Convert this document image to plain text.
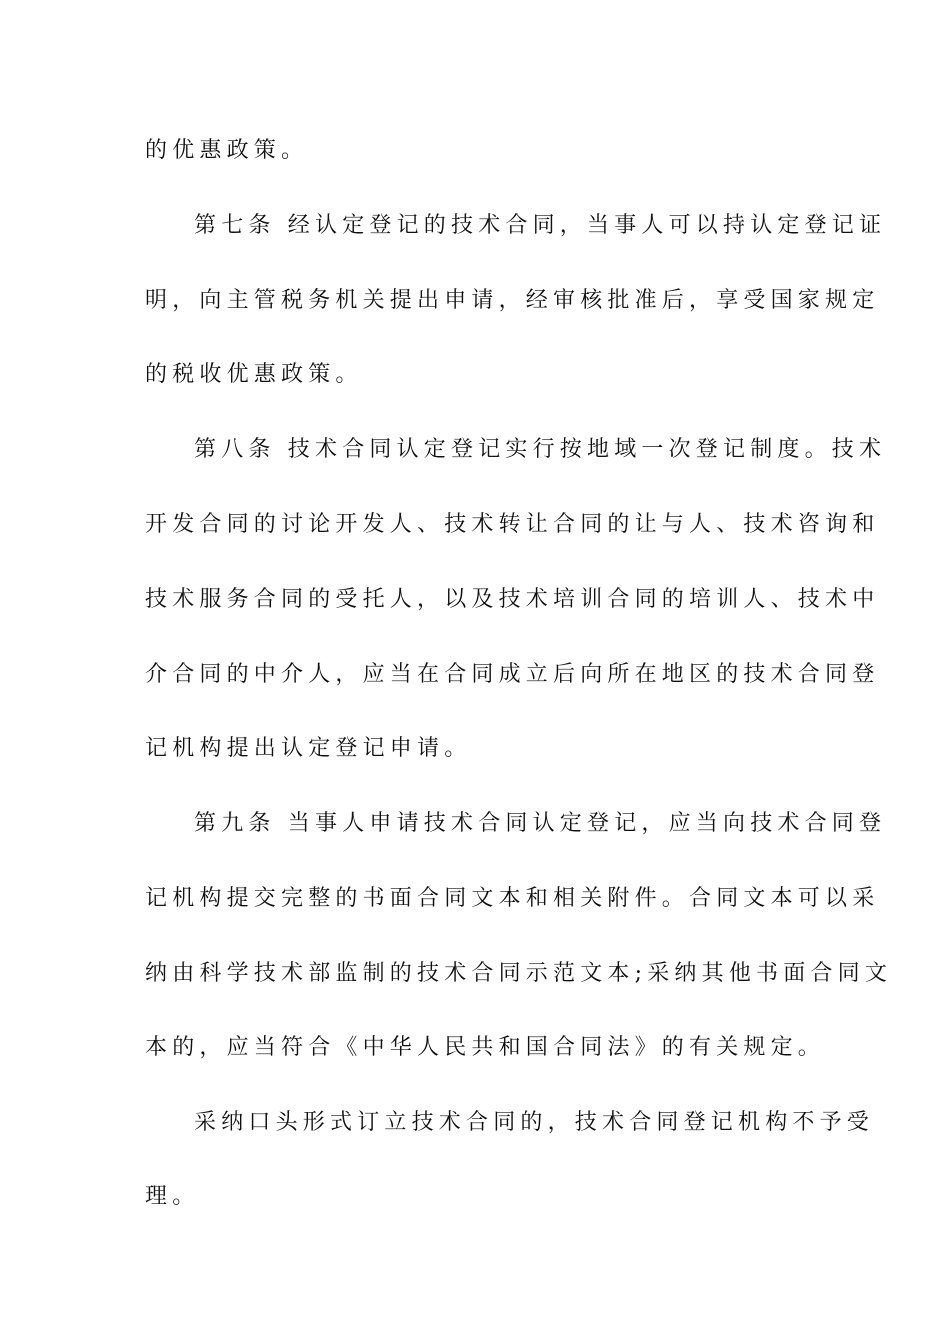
的优惠政策。
第七条 经认定登记的技术合同，当事人可以持认定登记证
明，向主管税务机关提出申请，经审核批准后，享受国家规定
的税收优惠政策。
第八条 技术合同认定登记实行按地域一次登记制度。技术
开发合同的讨论开发人、技术转让合同的让与人、技术咨询和
技术服务合同的受托人，以及技术培训合同的培训人、技术中
介合同的中介人，应当在合同成立后向所在地区的技术合同登
记机构提出认定登记申请。
第九条 当事人申请技术合同认定登记，应当向技术合同登
记机构提交完整的书面合同文本和相关附件。合同文本可以采
纳由科学技术部监制的技术合同示范文本;采纳其他书面合同文
本的，应当符合《中华人民共和国合同法》的有关规定。
采纳口头形式订立技术合同的，技术合同登记机构不予受
理。
